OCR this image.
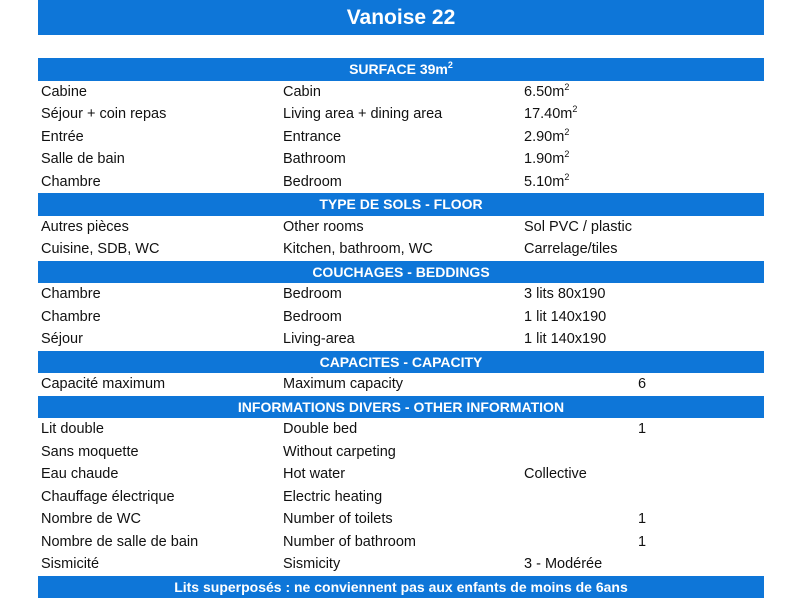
Vanoise 22
SURFACE $39m^2$
Cabine	Cabin	$6.50m^2$
Séjour + coin repas	Living area + dining area	$17.40m^2$
Entrée	Entrance	$2.90m^2$
Salle de bain	Bathroom	$1.90m^2$
Chambre	Bedroom	$5.10m^2$
TYPE DE SOLS - FLOOR
Autres pièces	Other rooms	Sol PVC / plastic
Cuisine, SDB, WC	Kitchen, bathroom, WC	Carrelage/tiles
COUCHAGES - BEDDINGS
Chambre	Bedroom	3 lits 80x190
Chambre	Bedroom	1 lit 140x190
Séjour	Living-area	1 lit 140x190
CAPACITES - CAPACITY
Capacité maximum	Maximum capacity	6
INFORMATIONS DIVERS - OTHER INFORMATION
Lit double	Double bed	1
Sans moquette	Without carpeting
Eau chaude	Hot water	Collective
Chauffage électrique	Electric heating
Nombre de WC	Number of toilets	1
Nombre de salle de bain	Number of bathroom	1
Sismicité	Sismicity	3 - Modérée
Lits superposés : ne conviennent pas aux enfants de moins de 6ans
